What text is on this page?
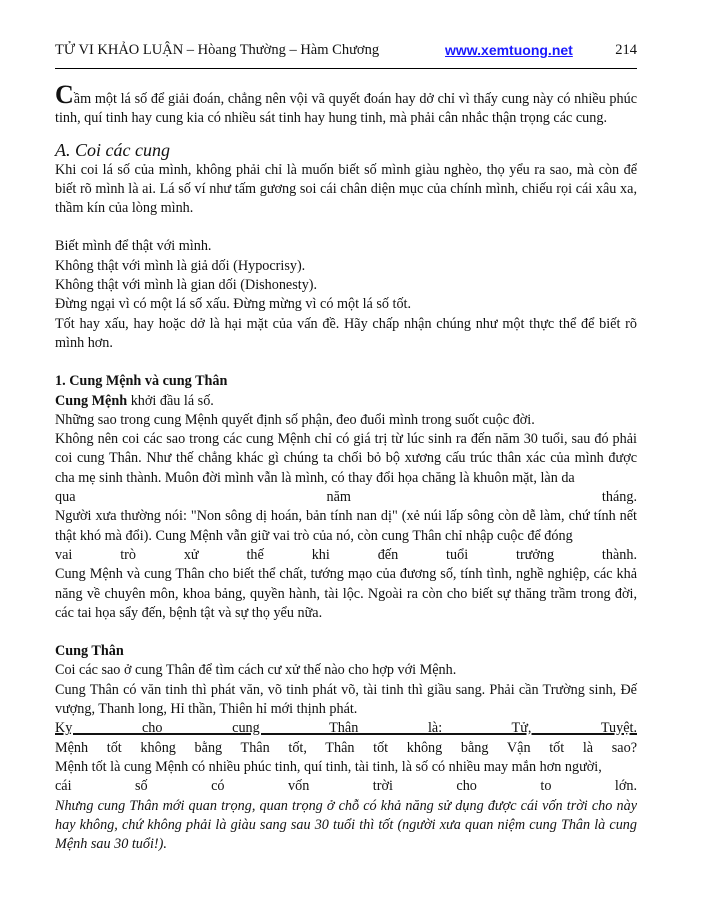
TỬ VI KHẢO LUẬN – Hòang Thường – Hàm Chương	www.xemtuong.net	214

Cầm một lá số để giải đoán, chẳng nên vội vã quyết đoán hay dở chỉ vì thấy cung này có nhiều phúc tinh, quí tinh hay cung kia có nhiều sát tinh hay hung tinh, mà phải cân nhắc thận trọng các cung.

A. Coi các cung

Khi coi lá số của mình, không phải chỉ là muốn biết số mình giàu nghèo, thọ yểu ra sao, mà còn để biết rõ mình là ai. Lá số ví như tấm gương soi cái chân diện mục của chính mình, chiếu rọi cái xâu xa, thầm kín của lòng mình.

Biết mình để thật với mình.

Không thật với mình là giả dối (Hypocrisy).

Không thật với mình là gian dối (Dishonesty).

Đừng ngại vì có một lá số xấu. Đừng mừng vì có một lá số tốt.

Tốt hay xấu, hay hoặc dở là hại mặt của vấn đề. Hãy chấp nhận chúng như một thực thể để biết rõ mình hơn.

1. Cung Mệnh và cung Thân

Cung Mệnh khởi đầu lá số.

Những sao trong cung Mệnh quyết định số phận, đeo đuổi mình trong suốt cuộc đời.

Không nên coi các sao trong các cung Mệnh chỉ có giá trị từ lúc sinh ra đến năm 30 tuổi, sau đó phải coi cung Thân. Như thế chẳng khác gì chúng ta chối bỏ bộ xương cấu trúc thân xác của mình được cha mẹ sinh thành. Muôn đời mình vẫn là mình, có thay đổi họa chăng là khuôn mặt, làn da

qua năm tháng.

Người xưa thường nói: "Non sông dị hoán, bản tính nan dị" (xẻ núi lấp sông còn dễ làm, chứ tính nết thật khó mà đổi). Cung Mệnh vẫn giữ vai trò của nó, còn cung Thân chỉ nhập cuộc để đóng

vai trò xử thế khi đến tuổi trưởng thành.

Cung Mệnh và cung Thân cho biết thể chất, tướng mạo của đương số, tính tình, nghề nghiệp, các khả năng về chuyên môn, khoa bảng, quyền hành, tài lộc. Ngoài ra còn cho biết sự thăng trầm trong đời, các tai họa sẩy đến, bệnh tật và sự thọ yểu nữa.

Cung Thân

Coi các sao ở cung Thân để tìm cách cư xử thế nào cho hợp với Mệnh.

Cung Thân có văn tinh thì phát văn, võ tinh phát võ, tài tinh thì giầu sang. Phải cần Trường sinh, Đế vượng, Thanh long, Hỉ thần, Thiên hỉ mới thịnh phát.

Kỵ cho cung Thân là: Tử, Tuyệt.

Mệnh tốt không bằng Thân tốt, Thân tốt không bằng Vận tốt là sao?

Mệnh tốt là cung Mệnh có nhiều phúc tinh, quí tinh, tài tinh, là số có nhiều may mắn hơn người,

cái số có vốn trời cho to lớn.

Nhưng cung Thân mới quan trọng, quan trọng ở chỗ có khả năng sử dụng được cái vốn trời cho này hay không, chứ không phải là giàu sang sau 30 tuổi thì tốt (người xưa quan niệm cung Thân là cung Mệnh sau 30 tuổi!).
